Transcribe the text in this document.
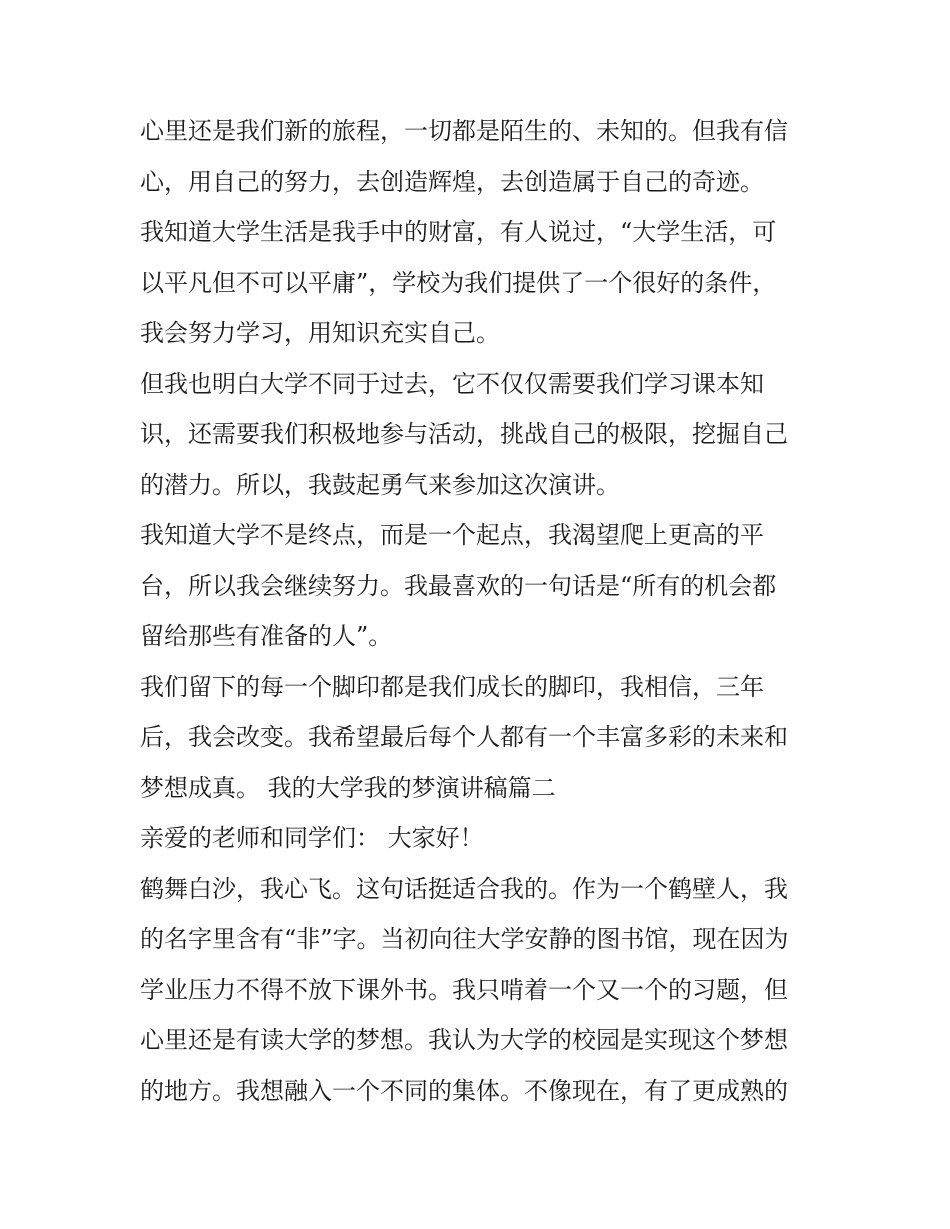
心里还是我们新的旅程，一切都是陌生的、未知的。但我有信
心，用自己的努力，去创造辉煌，去创造属于自己的奇迹。
我知道大学生活是我手中的财富，有人说过，“大学生活，可
以平凡但不可以平庸”，学校为我们提供了一个很好的条件，
我会努力学习，用知识充实自己。
但我也明白大学不同于过去，它不仅仅需要我们学习课本知
识，还需要我们积极地参与活动，挑战自己的极限，挖掘自己
的潜力。所以，我鼓起勇气来参加这次演讲。
我知道大学不是终点，而是一个起点，我渴望爬上更高的平
台，所以我会继续努力。我最喜欢的一句话是“所有的机会都
留给那些有准备的人”。
我们留下的每一个脚印都是我们成长的脚印，我相信，三年
后，我会改变。我希望最后每个人都有一个丰富多彩的未来和
梦想成真。 我的大学我的梦演讲稿篇二
亲爱的老师和同学们： 大家好！
鹤舞白沙，我心飞。这句话挺适合我的。作为一个鹤壁人，我
的名字里含有“非”字。当初向往大学安静的图书馆，现在因为
学业压力不得不放下课外书。我只啃着一个又一个的习题，但
心里还是有读大学的梦想。我认为大学的校园是实现这个梦想
的地方。我想融入一个不同的集体。不像现在，有了更成熟的
